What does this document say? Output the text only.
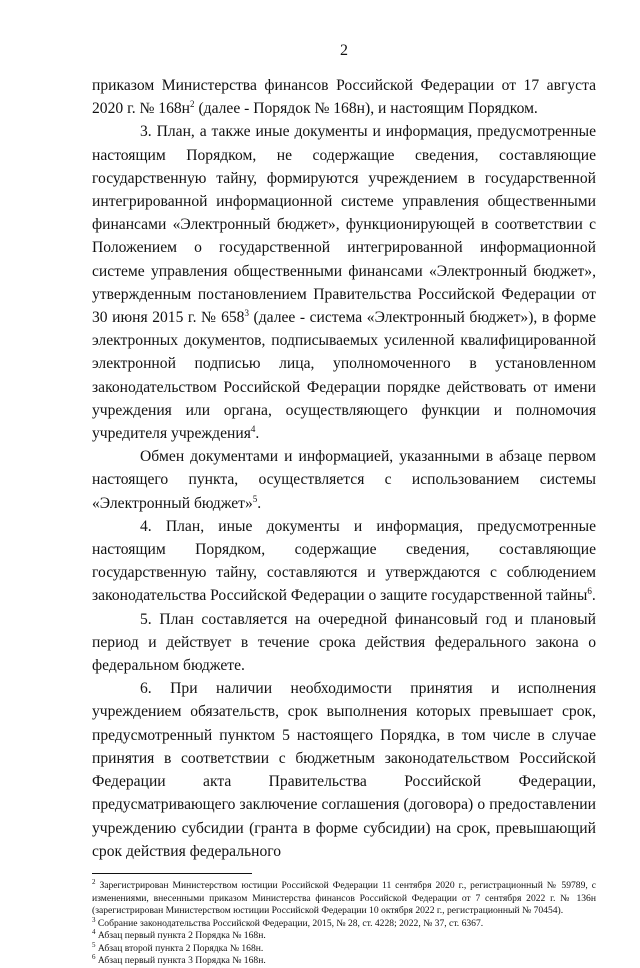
2

приказом Министерства финансов Российской Федерации от 17 августа 2020 г. № $168н^2$ (далее - Порядок № 168н), и настоящим Порядком.

3. План, а также иные документы и информация, предусмотренные настоящим Порядком, не содержащие сведения, составляющие государственную тайну, формируются учреждением в государственной интегрированной информационной системе управления общественными финансами «Электронный бюджет», функционирующей в соответствии с Положением о государственной интегрированной информационной системе управления общественными финансами «Электронный бюджет», утвержденным постановлением Правительства Российской Федерации от 30 июня 2015 г. № $658^3$ (далее - система «Электронный бюджет»), в форме электронных документов, подписываемых усиленной квалифицированной электронной подписью лица, уполномоченного в установленном законодательством Российской Федерации порядке действовать от имени учреждения или органа, осуществляющего функции и полномочия учредителя учреждения$^4$.

Обмен документами и информацией, указанными в абзаце первом настоящего пункта, осуществляется с использованием системы «Электронный бюджет»$^5$.

4. План, иные документы и информация, предусмотренные настоящим Порядком, содержащие сведения, составляющие государственную тайну, составляются и утверждаются с соблюдением законодательства Российской Федерации о защите государственной тайны$^6$.

5. План составляется на очередной финансовый год и плановый период и действует в течение срока действия федерального закона о федеральном бюджете.

6. При наличии необходимости принятия и исполнения учреждением обязательств, срок выполнения которых превышает срок, предусмотренный пунктом 5 настоящего Порядка, в том числе в случае принятия в соответствии с бюджетным законодательством Российской Федерации акта Правительства Российской Федерации, предусматривающего заключение соглашения (договора) о предоставлении учреждению субсидии (гранта в форме субсидии) на срок, превышающий срок действия федерального

$^2$ Зарегистрирован Министерством юстиции Российской Федерации 11 сентября 2020 г., регистрационный № 59789, с изменениями, внесенными приказом Министерства финансов Российской Федерации от 7 сентября 2022 г. № 136н (зарегистрирован Министерством юстиции Российской Федерации 10 октября 2022 г., регистрационный № 70454).

$^3$ Собрание законодательства Российской Федерации, 2015, № 28, ст. 4228; 2022, № 37, ст. 6367.

$^4$ Абзац первый пункта 2 Порядка № 168н.

$^5$ Абзац второй пункта 2 Порядка № 168н.

$^6$ Абзац первый пункта 3 Порядка № 168н.
